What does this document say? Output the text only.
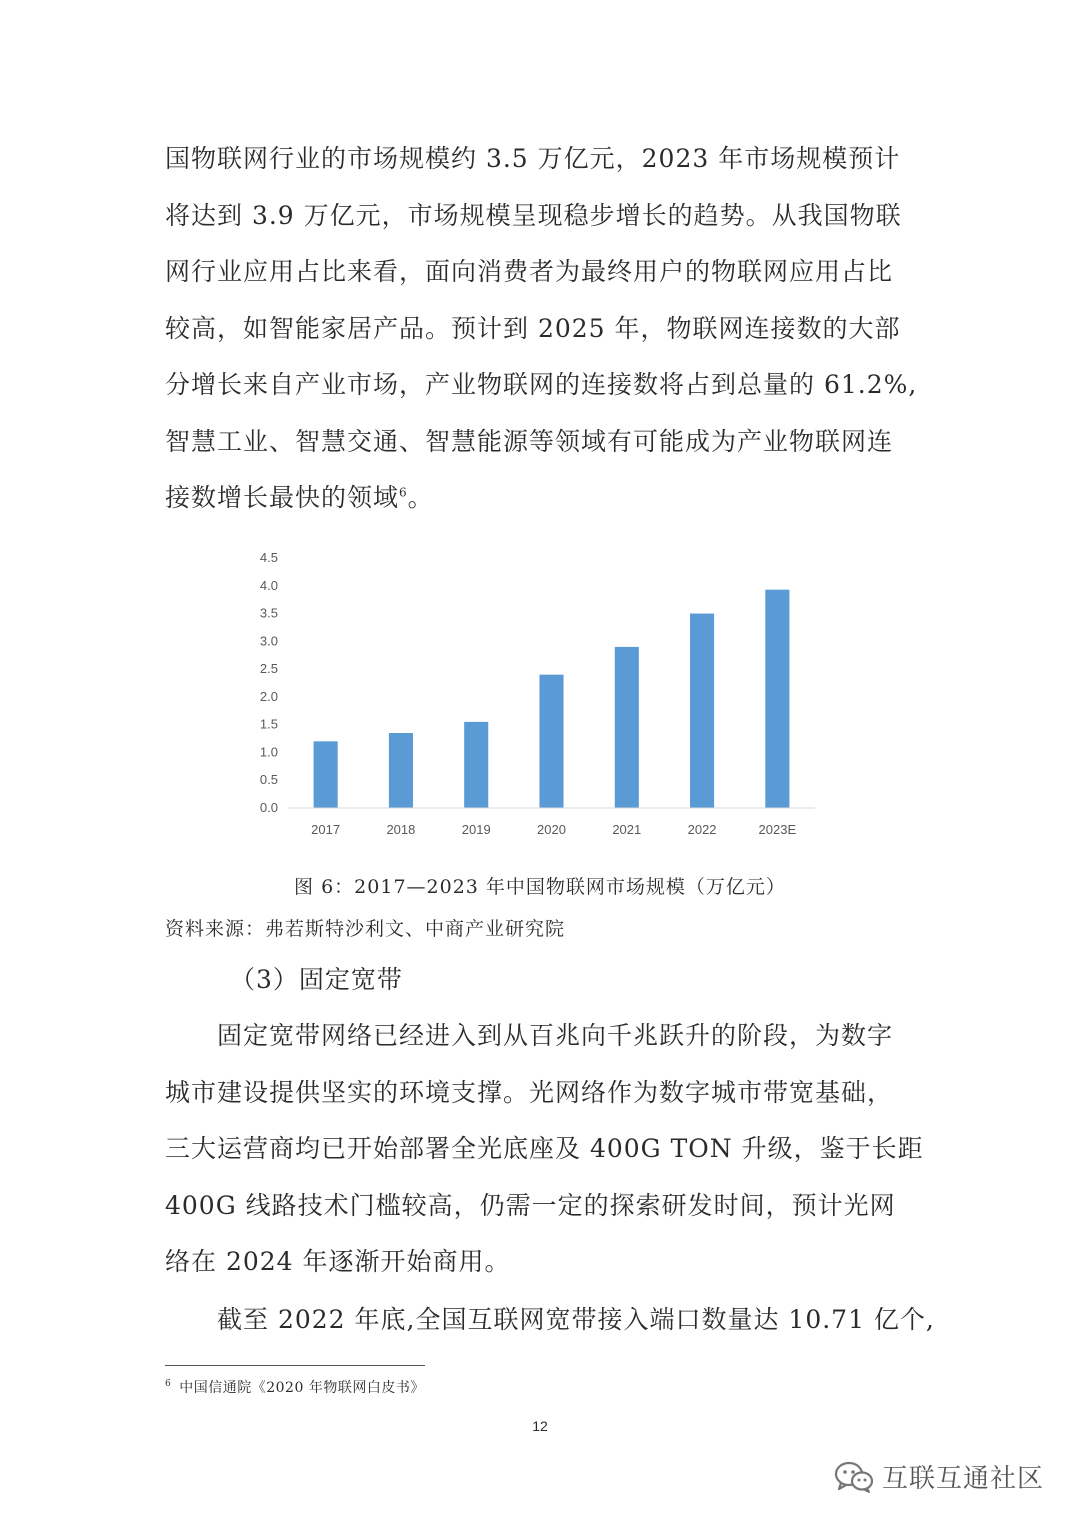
国物联网行业的市场规模约 3.5 万亿元，2023 年市场规模预计
将达到 3.9 万亿元，市场规模呈现稳步增长的趋势。从我国物联
网行业应用占比来看，面向消费者为最终用户的物联网应用占比
较高，如智能家居产品。预计到 2025 年，物联网连接数的大部
分增长来自产业市场，产业物联网的连接数将占到总量的 61.2%,
智慧工业、智慧交通、智慧能源等领域有可能成为产业物联网连
接数增长最快的领域$^6$。
0.0
0.5
1.0
1.5
2.0
2.5
3.0
3.5
4.0
4.5
2017	2018	2019	2020	2021	2022	2023E
图 6：2017—2023 年中国物联网市场规模（万亿元）
资料来源：弗若斯特沙利文、中商产业研究院
（3）固定宽带
　　固定宽带网络已经进入到从百兆向千兆跃升的阶段，为数字
城市建设提供坚实的环境支撑。光网络作为数字城市带宽基础，
三大运营商均已开始部署全光底座及 400G TON 升级，鉴于长距
400G 线路技术门槛较高，仍需一定的探索研发时间，预计光网
络在 2024 年逐渐开始商用。
　　截至 2022 年底,全国互联网宽带接入端口数量达 10.71 亿个,
$^6$ 中国信通院《2020 年物联网白皮书》
12
互联互通社区
